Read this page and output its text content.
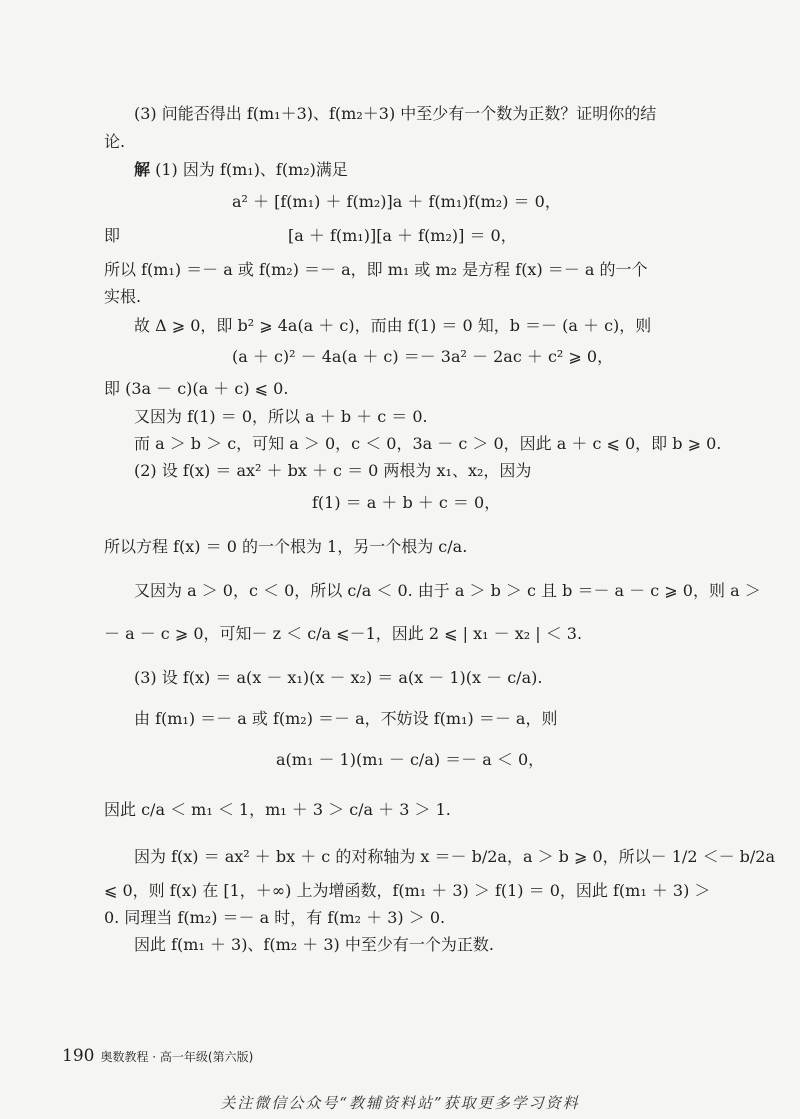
(3) 问能否得出 f(m₁＋3)、f(m₂＋3) 中至少有一个数为正数？证明你的结

论.

解 (1) 因为 f(m₁)、f(m₂)满足

a² ＋ [f(m₁) ＋ f(m₂)]a ＋ f(m₁)f(m₂) ＝ 0，

即	[a ＋ f(m₁)][a ＋ f(m₂)] ＝ 0，

所以 f(m₁) ＝－ a 或 f(m₂) ＝－ a，即 m₁ 或 m₂ 是方程 f(x) ＝－ a 的一个

实根.

故 Δ ⩾ 0，即 b² ⩾ 4a(a ＋ c)，而由 f(1) ＝ 0 知，b ＝－ (a ＋ c)，则

(a ＋ c)² － 4a(a ＋ c) ＝－ 3a² － 2ac ＋ c² ⩾ 0，

即 (3a － c)(a ＋ c) ⩽ 0.

又因为 f(1) ＝ 0，所以 a ＋ b ＋ c ＝ 0.

而 a ＞ b ＞ c，可知 a ＞ 0，c ＜ 0，3a － c ＞ 0，因此 a ＋ c ⩽ 0，即 b ⩾ 0.

(2) 设 f(x) ＝ ax² ＋ bx ＋ c ＝ 0 两根为 x₁、x₂，因为

f(1) ＝ a ＋ b ＋ c ＝ 0，

所以方程 f(x) ＝ 0 的一个根为 1，另一个根为 c/a.

又因为 a ＞ 0，c ＜ 0，所以 c/a ＜ 0. 由于 a ＞ b ＞ c 且 b ＝－ a － c ⩾ 0，则 a ＞

－ a － c ⩾ 0，可知－ z ＜ c/a ⩽－1，因此 2 ⩽ | x₁ － x₂ | ＜ 3.

(3) 设 f(x) ＝ a(x － x₁)(x － x₂) ＝ a(x － 1)(x － c/a).

由 f(m₁) ＝－ a 或 f(m₂) ＝－ a，不妨设 f(m₁) ＝－ a，则

a(m₁ － 1)(m₁ － c/a) ＝－ a ＜ 0，

因此 c/a ＜ m₁ ＜ 1，m₁ ＋ 3 ＞ c/a ＋ 3 ＞ 1.

因为 f(x) ＝ ax² ＋ bx ＋ c 的对称轴为 x ＝－ b/2a，a ＞ b ⩾ 0，所以－ 1/2 ＜－ b/2a

⩽ 0，则 f(x) 在 [1，＋∞) 上为增函数，f(m₁ ＋ 3) ＞ f(1) ＝ 0，因此 f(m₁ ＋ 3) ＞

0. 同理当 f(m₂) ＝－ a 时，有 f(m₂ ＋ 3) ＞ 0.

因此 f(m₁ ＋ 3)、f(m₂ ＋ 3) 中至少有一个为正数.

190 奥数教程 · 高一年级(第六版)
关注微信公众号“教辅资料站”获取更多学习资料
